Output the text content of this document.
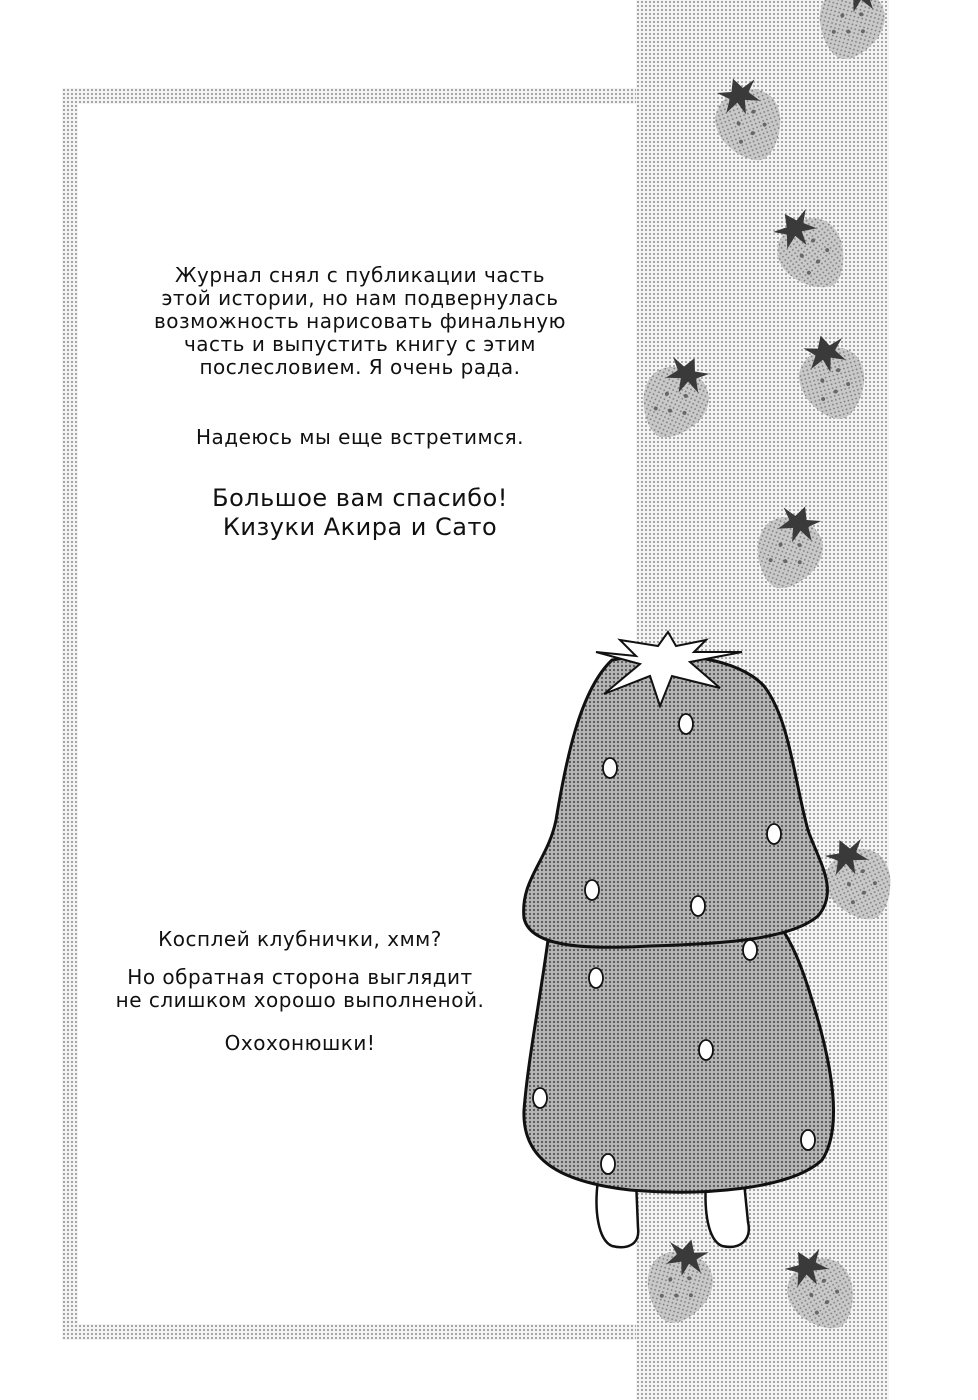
Журнал снял с публикации часть
этой истории, но нам подвернулась
возможность нарисовать финальную
часть и выпустить книгу с этим
послесловием. Я очень рада.
Надеюсь мы еще встретимся.
Большое вам спасибо!
Кизуки Акира и Сато
Косплей клубнички, хмм?
Но обратная сторона выглядит
не слишком хорошо выполненой.
Охохонюшки!
